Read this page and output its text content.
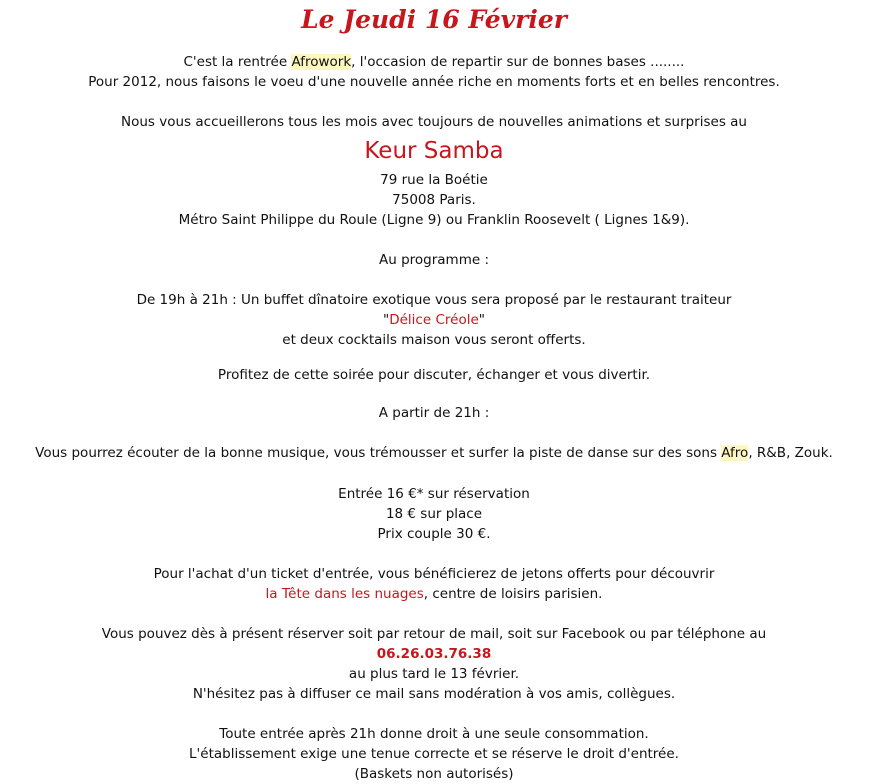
Le Jeudi 16 Février
C'est la rentrée Afrowork, l'occasion de repartir sur de bonnes bases ........
Pour 2012, nous faisons le voeu d'une nouvelle année riche en moments forts et en belles rencontres.
Nous vous accueillerons tous les mois avec toujours de nouvelles animations et surprises au
Keur Samba
79 rue la Boétie
75008 Paris.
Métro Saint Philippe du Roule (Ligne 9) ou Franklin Roosevelt ( Lignes 1&9).
Au programme :
De 19h à 21h : Un buffet dînatoire exotique vous sera proposé par le restaurant traiteur
"Délice Créole"
et deux cocktails maison vous seront offerts.
Profitez de cette soirée pour discuter, échanger et vous divertir.
A partir de 21h :
Vous pourrez écouter de la bonne musique, vous trémousser et surfer la piste de danse sur des sons Afro, R&B, Zouk.
Entrée 16 €* sur réservation
18 € sur place
Prix couple 30 €.
Pour l'achat d'un ticket d'entrée, vous bénéficierez de jetons offerts pour découvrir
la Tête dans les nuages, centre de loisirs parisien.
Vous pouvez dès à présent réserver soit par retour de mail, soit sur Facebook ou par téléphone au
06.26.03.76.38
au plus tard le 13 février.
N'hésitez pas à diffuser ce mail sans modération à vos amis, collègues.
Toute entrée après 21h donne droit à une seule consommation.
L'établissement exige une tenue correcte et se réserve le droit d'entrée.
(Baskets non autorisés)
